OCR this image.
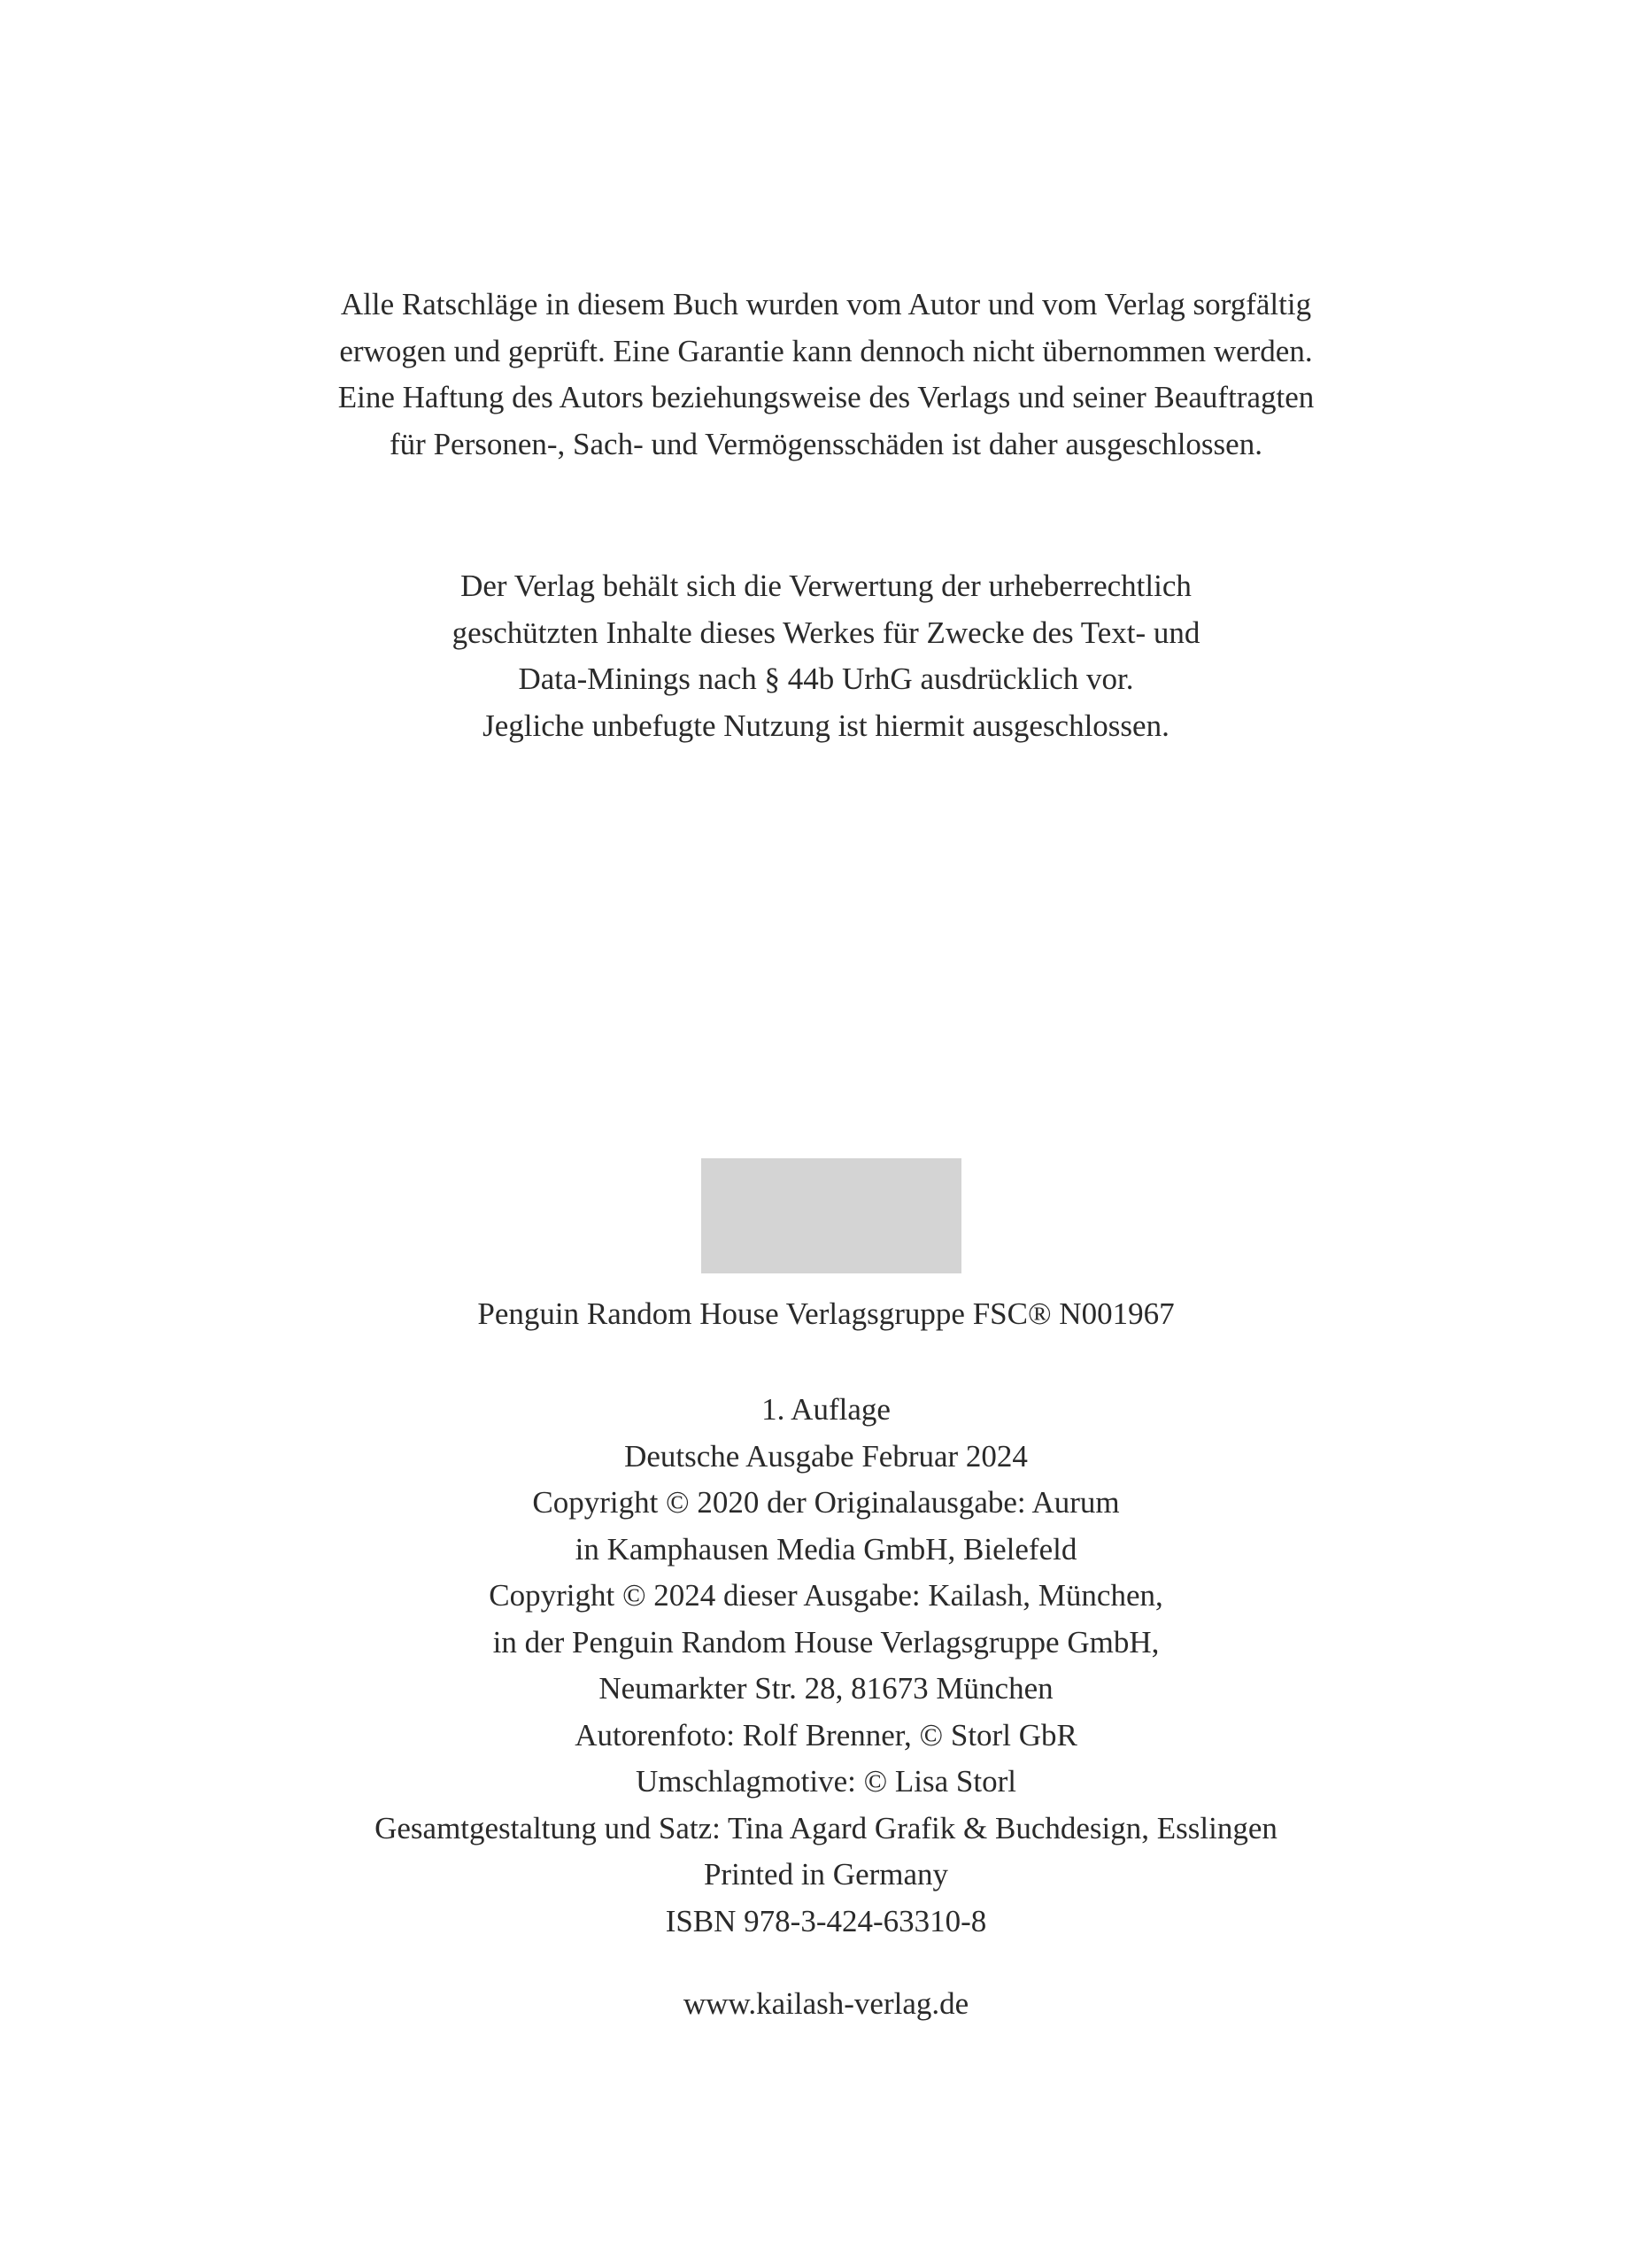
Alle Ratschläge in diesem Buch wurden vom Autor und vom Verlag sorgfältig
erwogen und geprüft. Eine Garantie kann dennoch nicht übernommen werden.
Eine Haftung des Autors beziehungsweise des Verlags und seiner Beauftragten
für Personen-, Sach- und Vermögensschäden ist daher ausgeschlossen.
Der Verlag behält sich die Verwertung der urheberrechtlich
geschützten Inhalte dieses Werkes für Zwecke des Text- und
Data-Minings nach § 44b UrhG ausdrücklich vor.
Jegliche unbefugte Nutzung ist hiermit ausgeschlossen.
Penguin Random House Verlagsgruppe FSC® N001967
1. Auflage
Deutsche Ausgabe Februar 2024
Copyright © 2020 der Originalausgabe: Aurum
in Kamphausen Media GmbH, Bielefeld
Copyright © 2024 dieser Ausgabe: Kailash, München,
in der Penguin Random House Verlagsgruppe GmbH,
Neumarkter Str. 28, 81673 München
Autorenfoto: Rolf Brenner, © Storl GbR
Umschlagmotive: © Lisa Storl
Gesamtgestaltung und Satz: Tina Agard Grafik & Buchdesign, Esslingen
Printed in Germany
ISBN 978-3-424-63310-8
www.kailash-verlag.de
